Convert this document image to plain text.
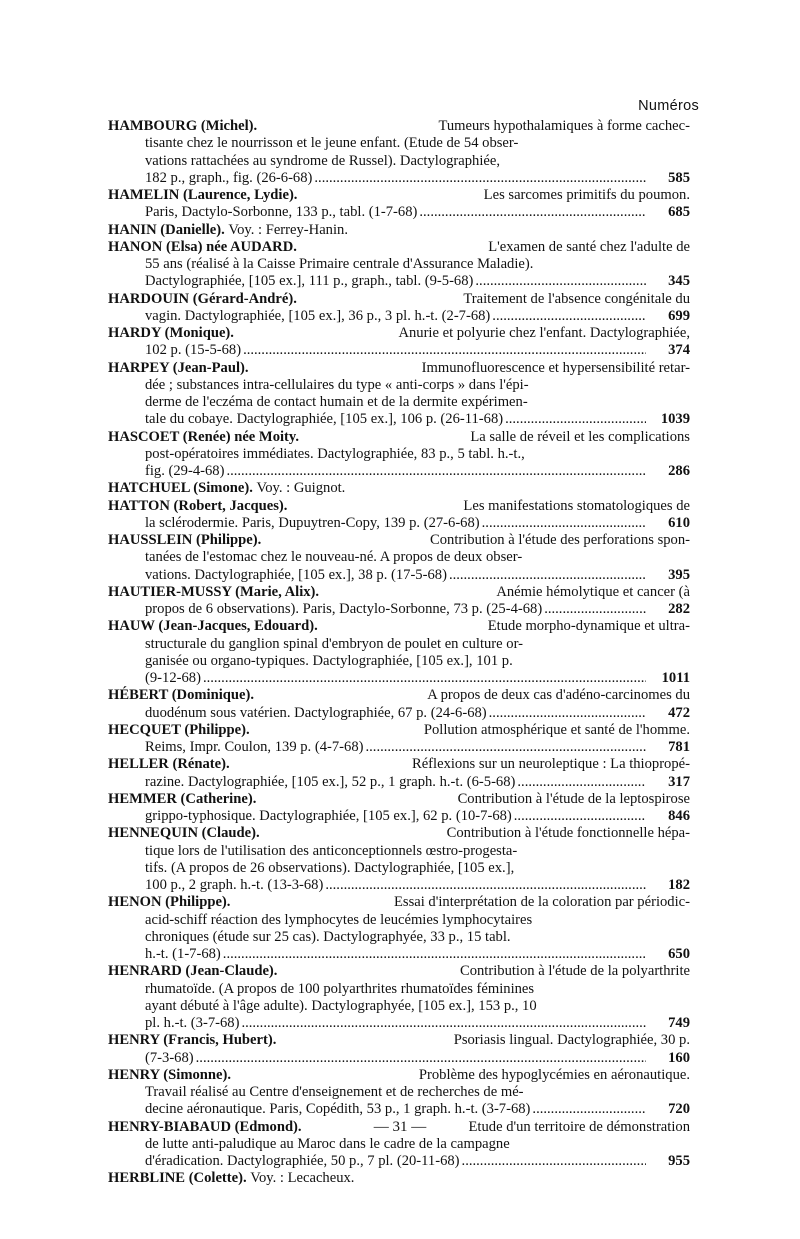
Numéros
HAMBOURG (Michel).
	Tumeurs hypothalamiques à forme cachec-
tisante chez le nourrisson et le jeune enfant. (Etude de 54 obser-
vations rattachées au syndrome de Russel). Dactylographiée,
182 p., graph., fig. (26-6-68) .....	585
HAMELIN (Laurence, Lydie).
	Les sarcomes primitifs du poumon.
Paris, Dactylo-Sorbonne, 133 p., tabl. (1-7-68) .....	685
HANIN (Danielle).
Voy. : Ferrey-Hanin.
HANON (Elsa) née AUDARD.
	L'examen de santé chez l'adulte de
55 ans (réalisé à la Caisse Primaire centrale d'Assurance Maladie).
Dactylographiée, [105 ex.], 111 p., graph., tabl. (9-5-68) .....	345
HARDOUIN (Gérard-André).
	Traitement de l'absence congénitale du
vagin. Dactylographiée, [105 ex.], 36 p., 3 pl. h.-t. (2-7-68) .....	699
HARDY (Monique).
	Anurie et polyurie chez l'enfant. Dactylographiée,
102 p. (15-5-68) .....	374
HARPEY (Jean-Paul).
	Immunofluorescence et hypersensibilité retar-
dée ; substances intra-cellulaires du type « anti-corps » dans l'épi-
derme de l'eczéma de contact humain et de la dermite expérimen-
tale du cobaye. Dactylographiée, [105 ex.], 106 p. (26-11-68) .....	1039
HASCOET (Renée) née Moity.
	La salle de réveil et les complications
post-opératoires immédiates. Dactylographiée, 83 p., 5 tabl. h.-t.,
fig. (29-4-68) .....	286
HATCHUEL (Simone).
Voy. : Guignot.
HATTON (Robert, Jacques).
	Les manifestations stomatologiques de
la sclérodermie. Paris, Dupuytren-Copy, 139 p. (27-6-68) .....	610
HAUSSLEIN (Philippe).
	Contribution à l'étude des perforations spon-
tanées de l'estomac chez le nouveau-né. A propos de deux obser-
vations. Dactylographiée, [105 ex.], 38 p. (17-5-68) .....	395
HAUTIER-MUSSY (Marie, Alix).
	Anémie hémolytique et cancer (à
propos de 6 observations). Paris, Dactylo-Sorbonne, 73 p. (25-4-68) .....	282
HAUW (Jean-Jacques, Edouard).
	Etude morpho-dynamique et ultra-
structurale du ganglion spinal d'embryon de poulet en culture or-
ganisée ou organo-typiques. Dactylographiée, [105 ex.], 101 p.
(9-12-68) .....	1011
HÉBERT (Dominique).
	A propos de deux cas d'adéno-carcinomes du
duodénum sous vatérien. Dactylographiée, 67 p. (24-6-68) .....	472
HECQUET (Philippe).
	Pollution atmosphérique et santé de l'homme.
Reims, Impr. Coulon, 139 p. (4-7-68) .....	781
HELLER (Rénate).
	Réflexions sur un neuroleptique : La thiopropé-
razine. Dactylographiée, [105 ex.], 52 p., 1 graph. h.-t. (6-5-68) .....	317
HEMMER (Catherine).
	Contribution à l'étude de la leptospirose
grippo-typhosique. Dactylographiée, [105 ex.], 62 p. (10-7-68) .....	846
HENNEQUIN (Claude).
	Contribution à l'étude fonctionnelle hépa-
tique lors de l'utilisation des anticonceptionnels œstro-progesta-
tifs. (A propos de 26 observations). Dactylographiée, [105 ex.],
100 p., 2 graph. h.-t. (13-3-68) .....	182
HENON (Philippe).
	Essai d'interprétation de la coloration par périodic-
acid-schiff réaction des lymphocytes de leucémies lymphocytaires
chroniques (étude sur 25 cas). Dactylographyée, 33 p., 15 tabl.
h.-t. (1-7-68) .....	650
HENRARD (Jean-Claude).
	Contribution à l'étude de la polyarthrite
rhumatoïde. (A propos de 100 polyarthrites rhumatoïdes féminines
ayant débuté à l'âge adulte). Dactylographyée, [105 ex.], 153 p., 10
pl. h.-t. (3-7-68) .....	749
HENRY (Francis, Hubert).
	Psoriasis lingual. Dactylographiée, 30 p.
(7-3-68) .....	160
HENRY (Simonne).
	Problème des hypoglycémies en aéronautique.
Travail réalisé au Centre d'enseignement et de recherches de mé-
decine aéronautique. Paris, Copédith, 53 p., 1 graph. h.-t. (3-7-68) .....	720
HENRY-BIABAUD (Edmond).
	Etude d'un territoire de démonstration
de lutte anti-paludique au Maroc dans le cadre de la campagne
d'éradication. Dactylographiée, 50 p., 7 pl. (20-11-68) .....	955
HERBLINE (Colette).
Voy. : Lecacheux.
— 31 —
